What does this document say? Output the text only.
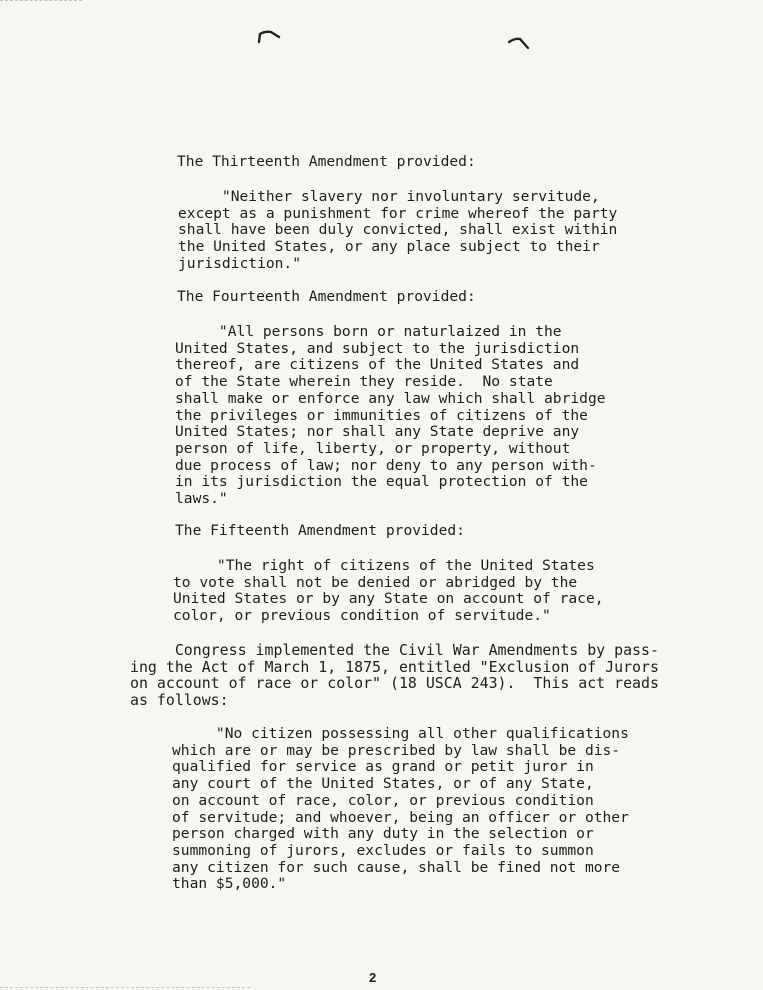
The Thirteenth Amendment provided:
"Neither slavery nor involuntary servitude,
except as a punishment for crime whereof the party
shall have been duly convicted, shall exist within
the United States, or any place subject to their
jurisdiction."
The Fourteenth Amendment provided:
"All persons born or naturlaized in the
United States, and subject to the jurisdiction
thereof, are citizens of the United States and
of the State wherein they reside.  No state
shall make or enforce any law which shall abridge
the privileges or immunities of citizens of the
United States; nor shall any State deprive any
person of life, liberty, or property, without
due process of law; nor deny to any person with-
in its jurisdiction the equal protection of the
laws."
The Fifteenth Amendment provided:
"The right of citizens of the United States
to vote shall not be denied or abridged by the
United States or by any State on account of race,
color, or previous condition of servitude."
Congress implemented the Civil War Amendments by pass-
ing the Act of March 1, 1875, entitled "Exclusion of Jurors
on account of race or color" (18 USCA 243).  This act reads
as follows:
"No citizen possessing all other qualifications
which are or may be prescribed by law shall be dis-
qualified for service as grand or petit juror in
any court of the United States, or of any State,
on account of race, color, or previous condition
of servitude; and whoever, being an officer or other
person charged with any duty in the selection or
summoning of jurors, excludes or fails to summon
any citizen for such cause, shall be fined not more
than $5,000."
2
